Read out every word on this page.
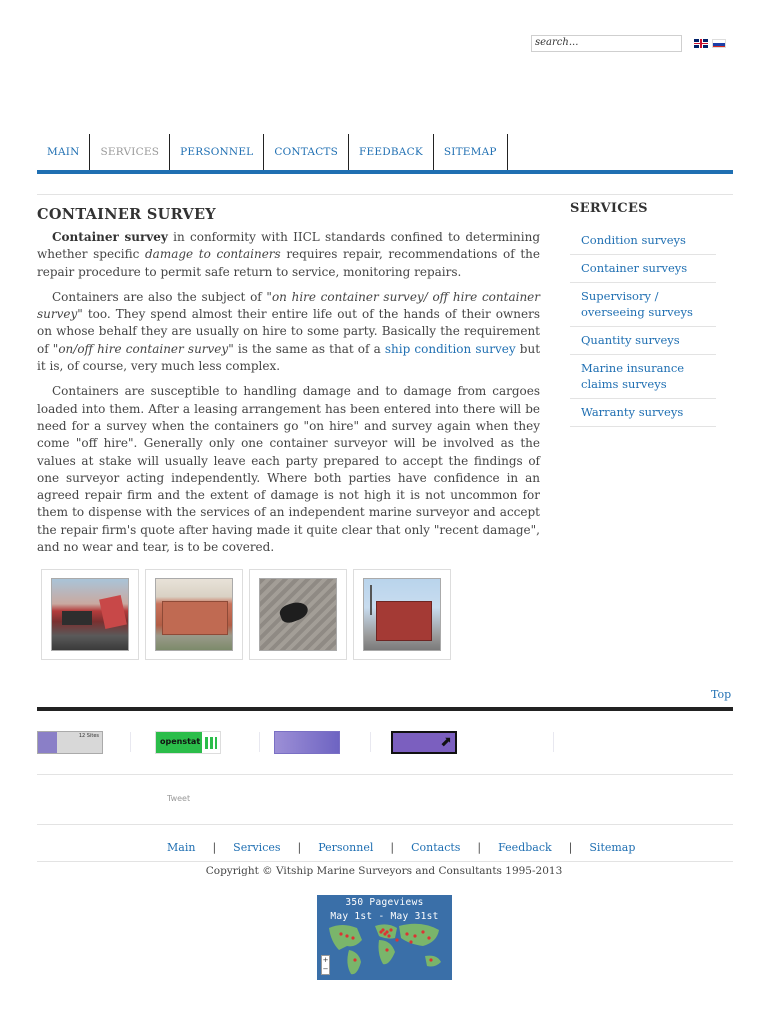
search...
MAIN	SERVICES	PERSONNEL	CONTACTS	FEEDBACK	SITEMAP
CONTAINER SURVEY

Container survey in conformity with IICL standards confined to determining whether specific damage to containers requires repair, recommendations of the repair procedure to permit safe return to service, monitoring repairs.

Containers are also the subject of "on hire container survey/ off hire container survey" too. They spend almost their entire life out of the hands of their owners on whose behalf they are usually on hire to some party. Basically the requirement of "on/off hire container survey" is the same as that of a ship condition survey but it is, of course, very much less complex.

Containers are susceptible to handling damage and to damage from cargoes loaded into them. After a leasing arrangement has been entered into there will be need for a survey when the containers go "on hire" and survey again when they come "off hire". Generally only one container surveyor will be involved as the values at stake will usually leave each party prepared to accept the findings of one surveyor acting independently. Where both parties have confidence in an agreed repair firm and the extent of damage is not high it is not uncommon for them to dispense with the services of an independent marine surveyor and accept the repair firm's quote after having made it quite clear that only "recent damage", and no wear and tear, is to be covered.

SERVICES
Condition surveys
Container surveys
Supervisory / overseeing surveys
Quantity surveys
Marine insurance claims surveys
Warranty surveys
Top
12 Sites
openstat	⬈
Tweet
Main | Services | Personnel | Contacts | Feedback | Sitemap
Copyright © Vitship Marine Surveyors and Consultants 1995-2013
350 Pageviews
May 1st - May 31st
+
−
